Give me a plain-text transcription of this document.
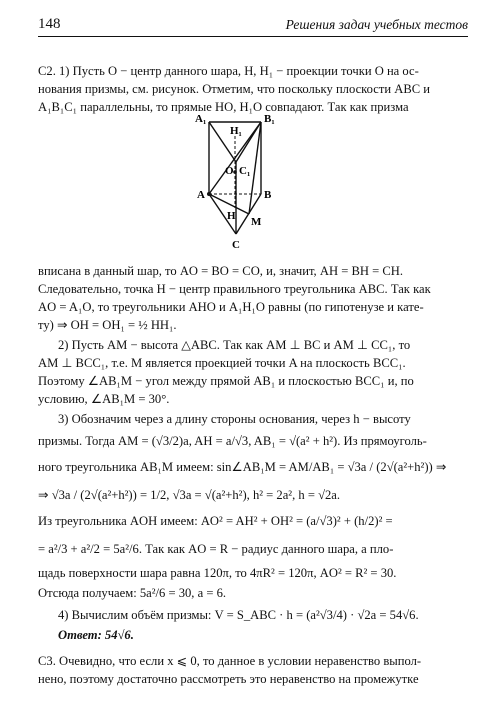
148	Решения задач учебных тестов
A₁
H₁
B₁
O C₁
A	B
H M
C
С2. 1) Пусть O − центр данного шара, H, H₁ − проекции точки O на ос-
нования призмы, см. рисунок. Отметим, что поскольку плоскости ABC и
A₁B₁C₁ параллельны, то прямые HO, H₁O совпадают. Так как призма
вписана в данный шар, то AO = BO = CO, и, значит, AH = BH = CH.
Следовательно, точка H − центр правильного треугольника ABC. Так как
AO = A₁O, то треугольники AHO и A₁H₁O равны (по гипотенузе и кате-
ту) ⇒ OH = OH₁ = ½ HH₁.
2) Пусть AM − высота △ABC. Так как AM ⊥ BC и AM ⊥ CC₁, то
AM ⊥ BCC₁, т.е. M является проекцией точки A на плоскость BCC₁.
Поэтому ∠AB₁M − угол между прямой AB₁ и плоскостью BCC₁ и, по
условию, ∠AB₁M = 30°.
3) Обозначим через a длину стороны основания, через h − высоту
призмы. Тогда AM = (√3/2)a, AH = a/√3, AB₁ = √(a² + h²). Из прямоуголь-
ного треугольника AB₁M имеем: sin∠AB₁M = AM/AB₁ = √3a / (2√(a²+h²)) ⇒
⇒ √3a / (2√(a²+h²)) = 1/2, √3a = √(a²+h²), h² = 2a², h = √2a.
Из треугольника AOH имеем: AO² = AH² + OH² = (a/√3)² + (h/2)² =
= a²/3 + a²/2 = 5a²/6. Так как AO = R − радиус данного шара, а пло-
щадь поверхности шара равна 120π, то 4πR² = 120π, AO² = R² = 30.
Отсюда получаем: 5a²/6 = 30, a = 6.
4) Вычислим объём призмы: V = S_ABC · h = (a²√3/4) · √2a = 54√6.
Ответ: 54√6.
С3. Очевидно, что если x ⩽ 0, то данное в условии неравенство выпол-
нено, поэтому достаточно рассмотреть это неравенство на промежутке
